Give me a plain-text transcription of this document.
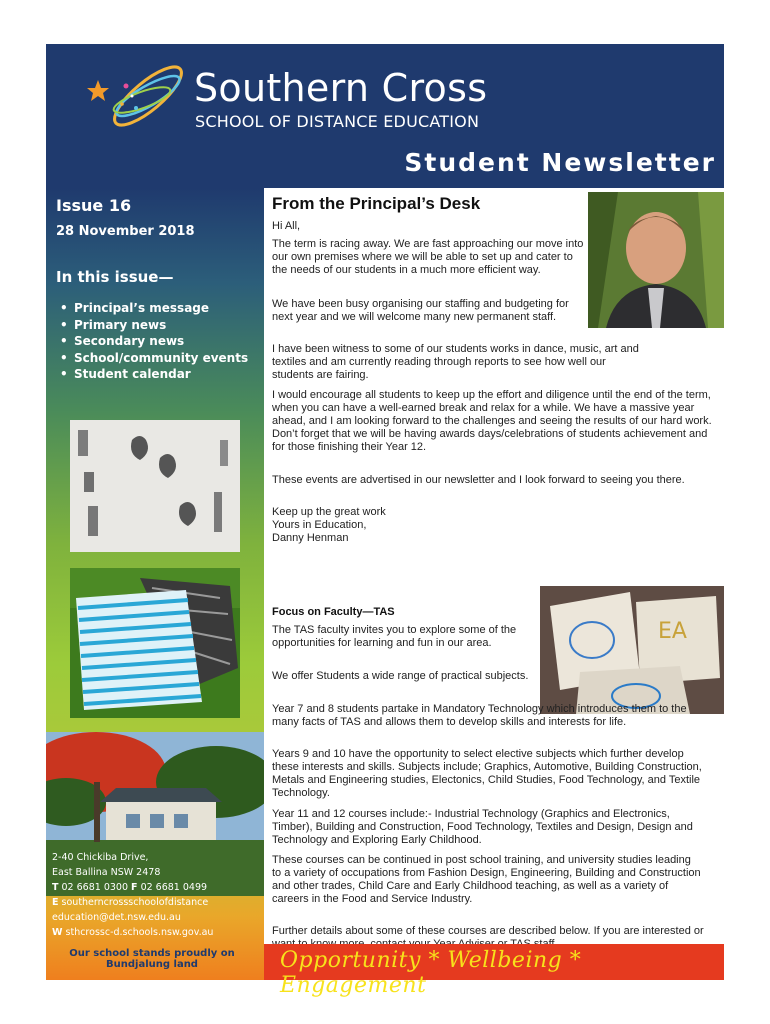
Southern Cross
SCHOOL OF DISTANCE EDUCATION
Student Newsletter
Issue 16
28 November 2018
In this issue—
• Principal’s message
• Primary news
• Secondary news
• School/community events
• Student calendar
2-40 Chickiba Drive,
East Ballina NSW 2478
T 02 6681 0300 F 02 6681 0499
E southerncrossschoolofdistance
education@det.nsw.edu.au
W sthcrossc-d.schools.nsw.gov.au
Our school stands proudly on Bundjalung land
From the Principal’s Desk
Hi All,
The term is racing away. We are fast approaching our move into our own premises where we will be able to set up and cater to the needs of our students in a much more efficient way.
We have been busy organising our staffing and budgeting for next year and we will welcome many new permanent staff.
I have been witness to some of our students works in dance, music, art and textiles and am currently reading through reports to see how well our students are fairing.
I would encourage all students to keep up the effort and diligence until the end of the term, when you can have a well-earned break and relax for a while. We have a massive year ahead, and I am looking forward to the challenges and seeing the results of our hard work. Don’t forget that we will be having awards days/celebrations of students achievement and for those finishing their Year 12.
These events are advertised in our newsletter and I look forward to seeing you there.
Keep up the great work
Yours in Education,
Danny Henman
Focus on Faculty—TAS
EA
The TAS faculty invites you to explore some of the opportunities for learning and fun in our area.
We offer Students a wide range of practical subjects.
Year 7 and 8 students partake in Mandatory Technology which introduces them to the many facts of TAS and allows them to develop skills and interests for life.
Years 9 and 10 have the opportunity to select elective subjects which further develop these interests and skills. Subjects include; Graphics, Automotive, Building Construction, Metals and Engineering studies, Electonics, Child Studies, Food Technology, and Textile Technology.
Year 11 and 12 courses include:- Industrial Technology (Graphics and Electronics, Timber), Building and Construction, Food Technology, Textiles and Design, Design and Technology and Exploring Early Childhood.
These courses can be continued in post school training, and university studies leading to a variety of occupations from Fashion Design, Engineering, Building and Construction and other trades, Child Care and Early Childhood teaching, as well as a variety of careers in the Food and Service Industry.
Further details about some of these courses are described below. If you are interested or
Opportunity * Wellbeing * Engagement
